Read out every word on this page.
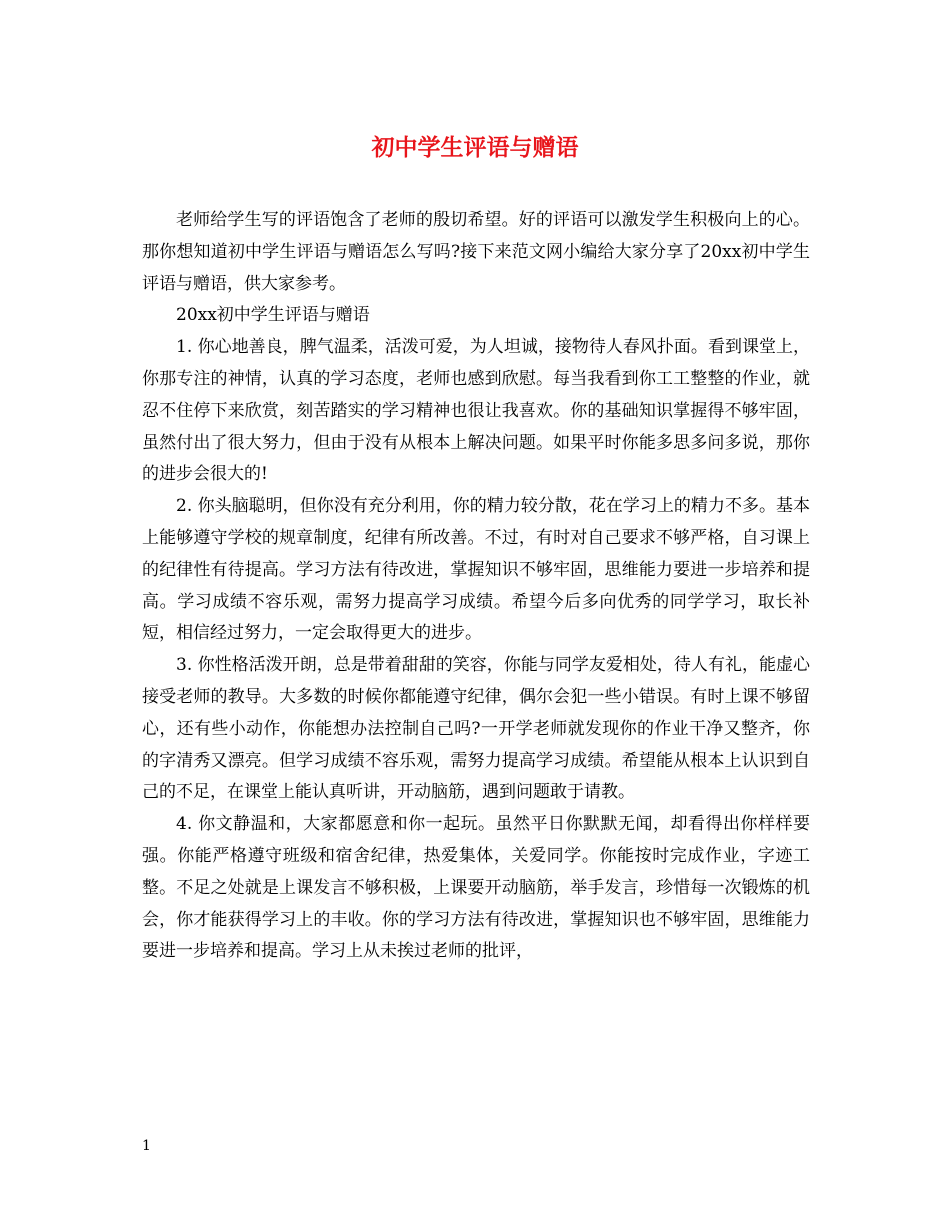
初中学生评语与赠语

老师给学生写的评语饱含了老师的殷切希望。好的评语可以激发学生积极向上的心。那你想知道初中学生评语与赠语怎么写吗?接下来范文网小编给大家分享了20xx初中学生评语与赠语，供大家参考。

20xx初中学生评语与赠语

1. 你心地善良，脾气温柔，活泼可爱，为人坦诚，接物待人春风扑面。看到课堂上，你那专注的神情，认真的学习态度，老师也感到欣慰。每当我看到你工工整整的作业，就忍不住停下来欣赏，刻苦踏实的学习精神也很让我喜欢。你的基础知识掌握得不够牢固，虽然付出了很大努力，但由于没有从根本上解决问题。如果平时你能多思多问多说，那你的进步会很大的!

2. 你头脑聪明，但你没有充分利用，你的精力较分散，花在学习上的精力不多。基本上能够遵守学校的规章制度，纪律有所改善。不过，有时对自己要求不够严格，自习课上的纪律性有待提高。学习方法有待改进，掌握知识不够牢固，思维能力要进一步培养和提高。学习成绩不容乐观，需努力提高学习成绩。希望今后多向优秀的同学学习，取长补短，相信经过努力，一定会取得更大的进步。

3. 你性格活泼开朗，总是带着甜甜的笑容，你能与同学友爱相处，待人有礼，能虚心接受老师的教导。大多数的时候你都能遵守纪律，偶尔会犯一些小错误。有时上课不够留心，还有些小动作，你能想办法控制自己吗?一开学老师就发现你的作业干净又整齐，你的字清秀又漂亮。但学习成绩不容乐观，需努力提高学习成绩。希望能从根本上认识到自己的不足，在课堂上能认真听讲，开动脑筋，遇到问题敢于请教。

4. 你文静温和，大家都愿意和你一起玩。虽然平日你默默无闻，却看得出你样样要强。你能严格遵守班级和宿舍纪律，热爱集体，关爱同学。你能按时完成作业，字迹工整。不足之处就是上课发言不够积极，上课要开动脑筋，举手发言，珍惜每一次锻炼的机会，你才能获得学习上的丰收。你的学习方法有待改进，掌握知识也不够牢固，思维能力要进一步培养和提高。学习上从未挨过老师的批评，

1
